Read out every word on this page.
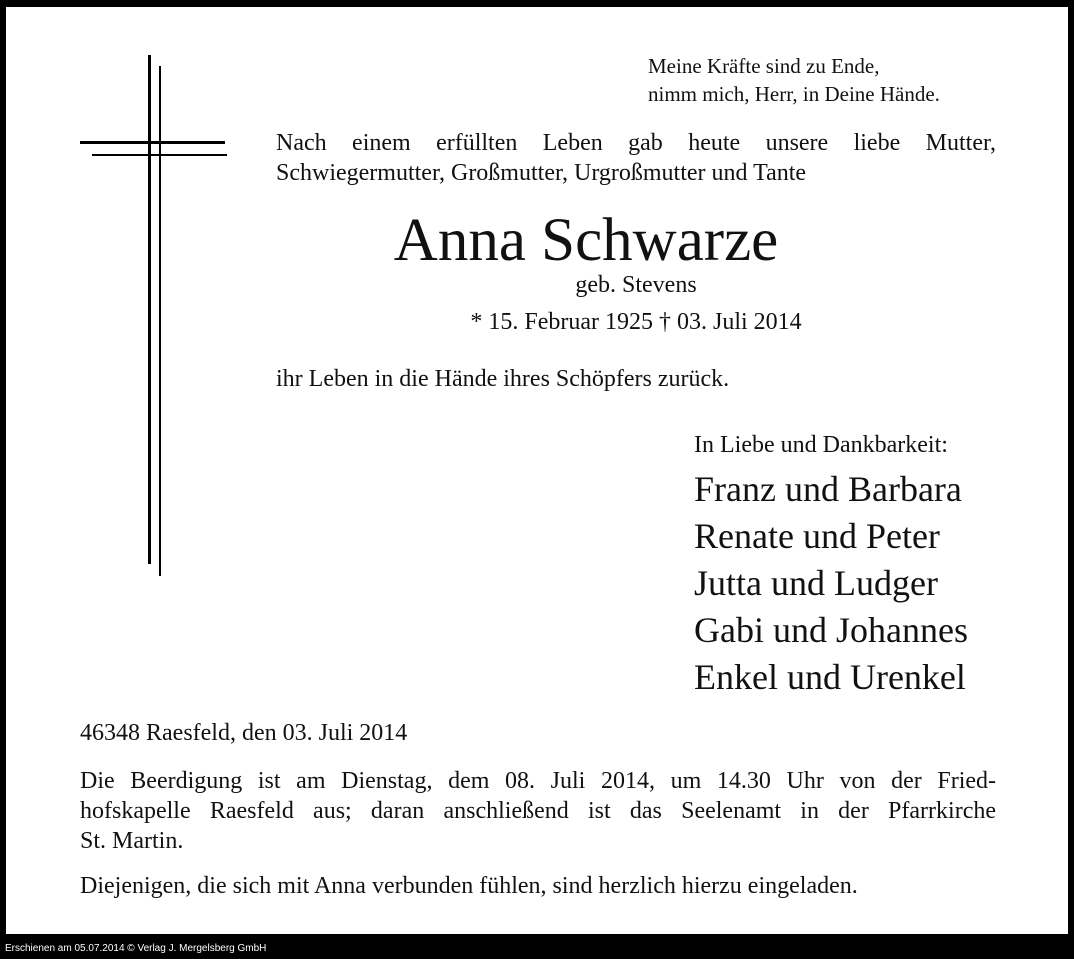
Meine Kräfte sind zu Ende,
nimm mich, Herr, in Deine Hände.
Nach einem erfüllten Leben gab heute unsere liebe Mutter,
Schwiegermutter, Großmutter, Urgroßmutter und Tante
Anna Schwarze
geb. Stevens
* 15. Februar 1925 † 03. Juli 2014
ihr Leben in die Hände ihres Schöpfers zurück.
In Liebe und Dankbarkeit:
Franz und Barbara
Renate und Peter
Jutta und Ludger
Gabi und Johannes
Enkel und Urenkel
46348 Raesfeld, den 03. Juli 2014
Die Beerdigung ist am Dienstag, dem 08. Juli 2014, um 14.30 Uhr von der Fried-
hofskapelle Raesfeld aus; daran anschließend ist das Seelenamt in der Pfarrkirche
St. Martin.
Diejenigen, die sich mit Anna verbunden fühlen, sind herzlich hierzu eingeladen.
Erschienen am 05.07.2014 © Verlag J. Mergelsberg GmbH
